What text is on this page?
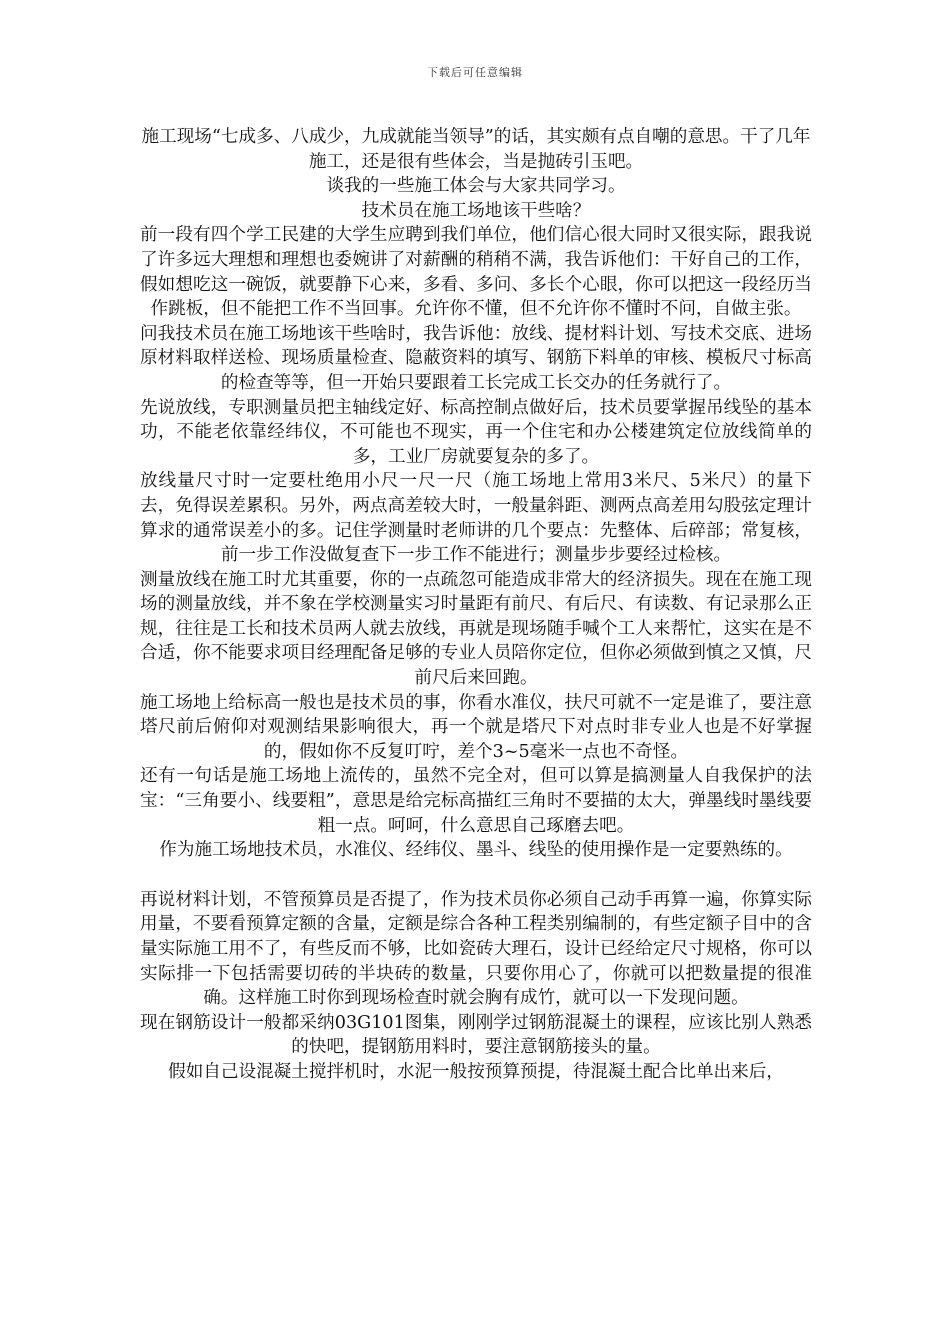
下载后可任意编辑

施工现场“七成多、八成少，九成就能当领导”的话，其实颇有点自嘲的意思。干了几年施工，还是很有些体会，当是抛砖引玉吧。

谈我的一些施工体会与大家共同学习。

技术员在施工场地该干些啥？

前一段有四个学工民建的大学生应聘到我们单位，他们信心很大同时又很实际，跟我说了许多远大理想和理想也委婉讲了对薪酬的稍稍不满，我告诉他们：干好自己的工作，假如想吃这一碗饭，就要静下心来，多看、多问、多长个心眼，你可以把这一段经历当作跳板，但不能把工作不当回事。允许你不懂，但不允许你不懂时不问，自做主张。

问我技术员在施工场地该干些啥时，我告诉他：放线、提材料计划、写技术交底、进场原材料取样送检、现场质量检查、隐蔽资料的填写、钢筋下料单的审核、模板尺寸标高的检查等等，但一开始只要跟着工长完成工长交办的任务就行了。

先说放线，专职测量员把主轴线定好、标高控制点做好后，技术员要掌握吊线坠的基本功，不能老依靠经纬仪，不可能也不现实，再一个住宅和办公楼建筑定位放线简单的多，工业厂房就要复杂的多了。

放线量尺寸时一定要杜绝用小尺一尺一尺（施工场地上常用3米尺、5米尺）的量下去，免得误差累积。另外，两点高差较大时，一般量斜距、测两点高差用勾股弦定理计算求的通常误差小的多。记住学测量时老师讲的几个要点：先整体、后碎部；常复核，前一步工作没做复查下一步工作不能进行；测量步步要经过检核。

测量放线在施工时尤其重要，你的一点疏忽可能造成非常大的经济损失。现在在施工现场的测量放线，并不象在学校测量实习时量距有前尺、有后尺、有读数、有记录那么正规，往往是工长和技术员两人就去放线，再就是现场随手喊个工人来帮忙，这实在是不合适，你不能要求项目经理配备足够的专业人员陪你定位，但你必须做到慎之又慎，尺前尺后来回跑。

施工场地上给标高一般也是技术员的事，你看水准仪，扶尺可就不一定是谁了，要注意塔尺前后俯仰对观测结果影响很大，再一个就是塔尺下对点时非专业人也是不好掌握的，假如你不反复叮咛，差个3~5毫米一点也不奇怪。

还有一句话是施工场地上流传的，虽然不完全对，但可以算是搞测量人自我保护的法宝：“三角要小、线要粗”，意思是给完标高描红三角时不要描的太大，弹墨线时墨线要粗一点。呵呵，什么意思自己琢磨去吧。

作为施工场地技术员，水准仪、经纬仪、墨斗、线坠的使用操作是一定要熟练的。

再说材料计划，不管预算员是否提了，作为技术员你必须自己动手再算一遍，你算实际用量，不要看预算定额的含量，定额是综合各种工程类别编制的，有些定额子目中的含量实际施工用不了，有些反而不够，比如瓷砖大理石，设计已经给定尺寸规格，你可以实际排一下包括需要切砖的半块砖的数量，只要你用心了，你就可以把数量提的很准确。这样施工时你到现场检查时就会胸有成竹，就可以一下发现问题。

现在钢筋设计一般都采纳03G101图集，刚刚学过钢筋混凝土的课程，应该比别人熟悉的快吧，提钢筋用料时，要注意钢筋接头的量。

假如自己设混凝土搅拌机时，水泥一般按预算预提，待混凝土配合比单出来后，
